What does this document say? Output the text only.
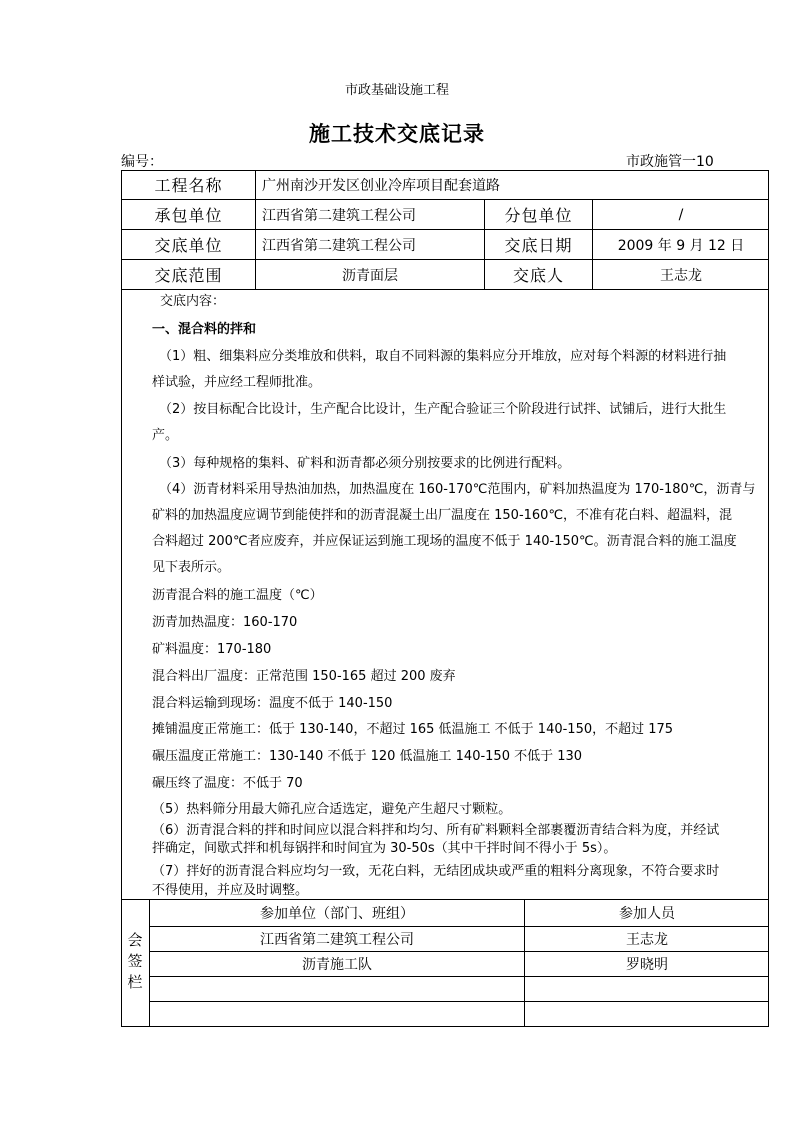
市政基础设施工程
施工技术交底记录
编号：	市政施管一10
工程名称	广州南沙开发区创业冷库项目配套道路
承包单位	江西省第二建筑工程公司	分包单位	/
交底单位	江西省第二建筑工程公司	交底日期	2009 年 9 月 12 日
交底范围	沥青面层	交底人	王志龙
交底内容：
一、混合料的拌和
（1）粗、细集料应分类堆放和供料，取自不同料源的集料应分开堆放，应对每个料源的材料进行抽
样试验，并应经工程师批准。
（2）按目标配合比设计，生产配合比设计，生产配合验证三个阶段进行试拌、试铺后，进行大批生
产。
（3）每种规格的集料、矿料和沥青都必须分别按要求的比例进行配料。
（4）沥青材料采用导热油加热，加热温度在 160-170℃范围内，矿料加热温度为 170-180℃，沥青与
矿料的加热温度应调节到能使拌和的沥青混凝土出厂温度在 150-160℃，不准有花白料、超温料，混
合料超过 200℃者应废弃，并应保证运到施工现场的温度不低于 140-150℃。沥青混合料的施工温度
见下表所示。
沥青混合料的施工温度（℃）
沥青加热温度：160-170
矿料温度：170-180
混合料出厂温度：正常范围 150-165 超过 200 废弃
混合料运输到现场：温度不低于 140-150
摊铺温度正常施工：低于 130-140，不超过 165 低温施工 不低于 140-150，不超过 175
碾压温度正常施工：130-140 不低于 120 低温施工 140-150 不低于 130
碾压终了温度：不低于 70
（5）热料筛分用最大筛孔应合适选定，避免产生超尺寸颗粒。
（6）沥青混合料的拌和时间应以混合料拌和均匀、所有矿料颗料全部裹覆沥青结合料为度，并经试
拌确定，间歇式拌和机每锅拌和时间宜为 30-50s（其中干拌时间不得小于 5s）。
（7）拌好的沥青混合料应均匀一致，无花白料，无结团成块或严重的粗料分离现象，不符合要求时
不得使用，并应及时调整。
会
签
栏
参加单位（部门、班组）	参加人员
江西省第二建筑工程公司	王志龙
沥青施工队	罗晓明
